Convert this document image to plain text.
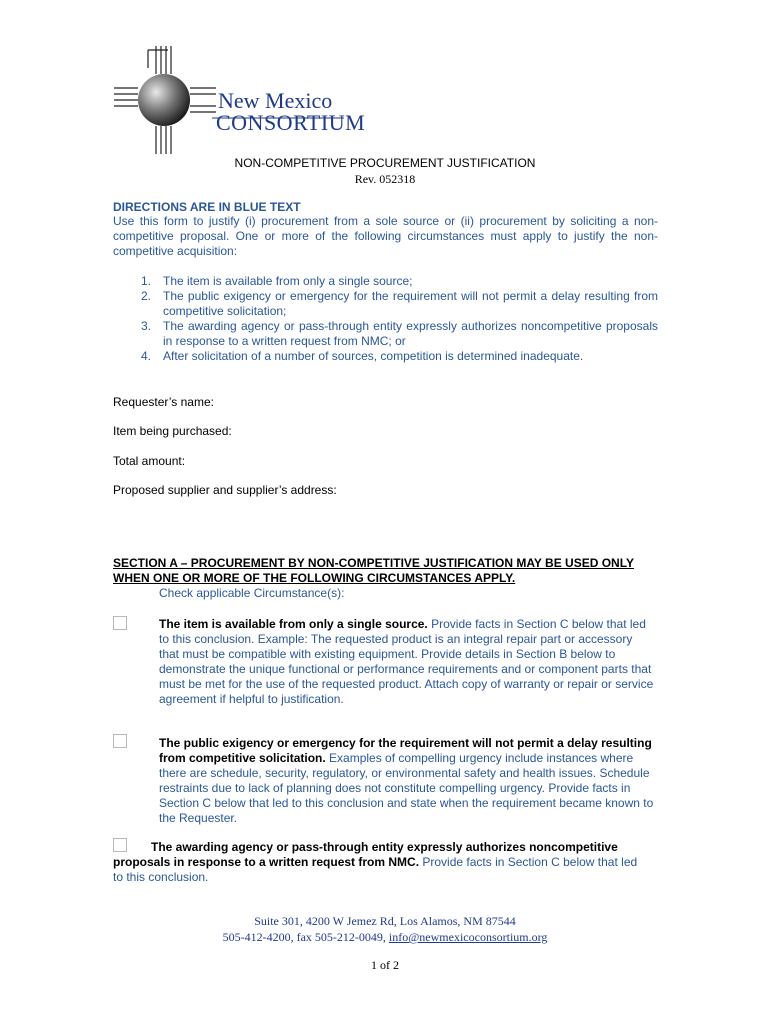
New Mexico
CONSORTIUM
NON-COMPETITIVE PROCUREMENT JUSTIFICATION
Rev. 052318
DIRECTIONS ARE IN BLUE TEXT
Use this form to justify (i) procurement from a sole source or (ii) procurement by soliciting a non-competitive proposal. One or more of the following circumstances must apply to justify the non-competitive acquisition:
1. The item is available from only a single source;
2. The public exigency or emergency for the requirement will not permit a delay resulting from competitive solicitation;
3. The awarding agency or pass-through entity expressly authorizes noncompetitive proposals in response to a written request from NMC; or
4. After solicitation of a number of sources, competition is determined inadequate.
Requester’s name:
Item being purchased:
Total amount:
Proposed supplier and supplier’s address:
SECTION A – PROCUREMENT BY NON-COMPETITIVE JUSTIFICATION MAY BE USED ONLY WHEN ONE OR MORE OF THE FOLLOWING CIRCUMSTANCES APPLY.
Check applicable Circumstance(s):
The item is available from only a single source. Provide facts in Section C below that led to this conclusion. Example: The requested product is an integral repair part or accessory that must be compatible with existing equipment. Provide details in Section B below to demonstrate the unique functional or performance requirements and or component parts that must be met for the use of the requested product. Attach copy of warranty or repair or service agreement if helpful to justification.
The public exigency or emergency for the requirement will not permit a delay resulting from competitive solicitation. Examples of compelling urgency include instances where there are schedule, security, regulatory, or environmental safety and health issues. Schedule restraints due to lack of planning does not constitute compelling urgency. Provide facts in Section C below that led to this conclusion and state when the requirement became known to the Requester.
The awarding agency or pass-through entity expressly authorizes noncompetitive proposals in response to a written request from NMC. Provide facts in Section C below that led to this conclusion.
Suite 301, 4200 W Jemez Rd, Los Alamos, NM 87544
505-412-4200, fax 505-212-0049, info@newmexicoconsortium.org
1 of 2
